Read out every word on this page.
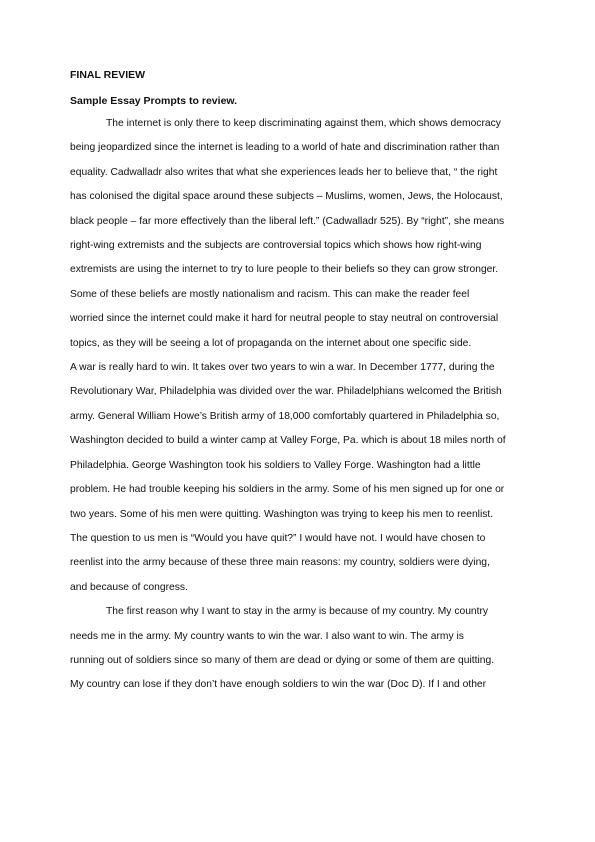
FINAL REVIEW

Sample Essay Prompts to review.

The internet is only there to keep discriminating against them, which shows democracy

being jeopardized since the internet is leading to a world of hate and discrimination rather than

equality. Cadwalladr also writes that what she experiences leads her to believe that, “ the right

has colonised the digital space around these subjects – Muslims, women, Jews, the Holocaust,

black people – far more effectively than the liberal left.” (Cadwalladr 525). By “right”, she means

right-wing extremists and the subjects are controversial topics which shows how right-wing

extremists are using the internet to try to lure people to their beliefs so they can grow stronger.

Some of these beliefs are mostly nationalism and racism. This can make the reader feel

worried since the internet could make it hard for neutral people to stay neutral on controversial

topics, as they will be seeing a lot of propaganda on the internet about one specific side.

A war is really hard to win. It takes over two years to win a war. In December 1777, during the

Revolutionary War, Philadelphia was divided over the war. Philadelphians welcomed the British

army. General William Howe’s British army of 18,000 comfortably quartered in Philadelphia so,

Washington decided to build a winter camp at Valley Forge, Pa. which is about 18 miles north of

Philadelphia. George Washington took his soldiers to Valley Forge. Washington had a little

problem. He had trouble keeping his soldiers in the army. Some of his men signed up for one or

two years. Some of his men were quitting. Washington was trying to keep his men to reenlist.

The question to us men is “Would you have quit?” I would have not. I would have chosen to

reenlist into the army because of these three main reasons: my country, soldiers were dying,

and because of congress.

The first reason why I want to stay in the army is because of my country. My country

needs me in the army. My country wants to win the war. I also want to win. The army is

running out of soldiers since so many of them are dead or dying or some of them are quitting.

My country can lose if they don’t have enough soldiers to win the war (Doc D). If I and other
